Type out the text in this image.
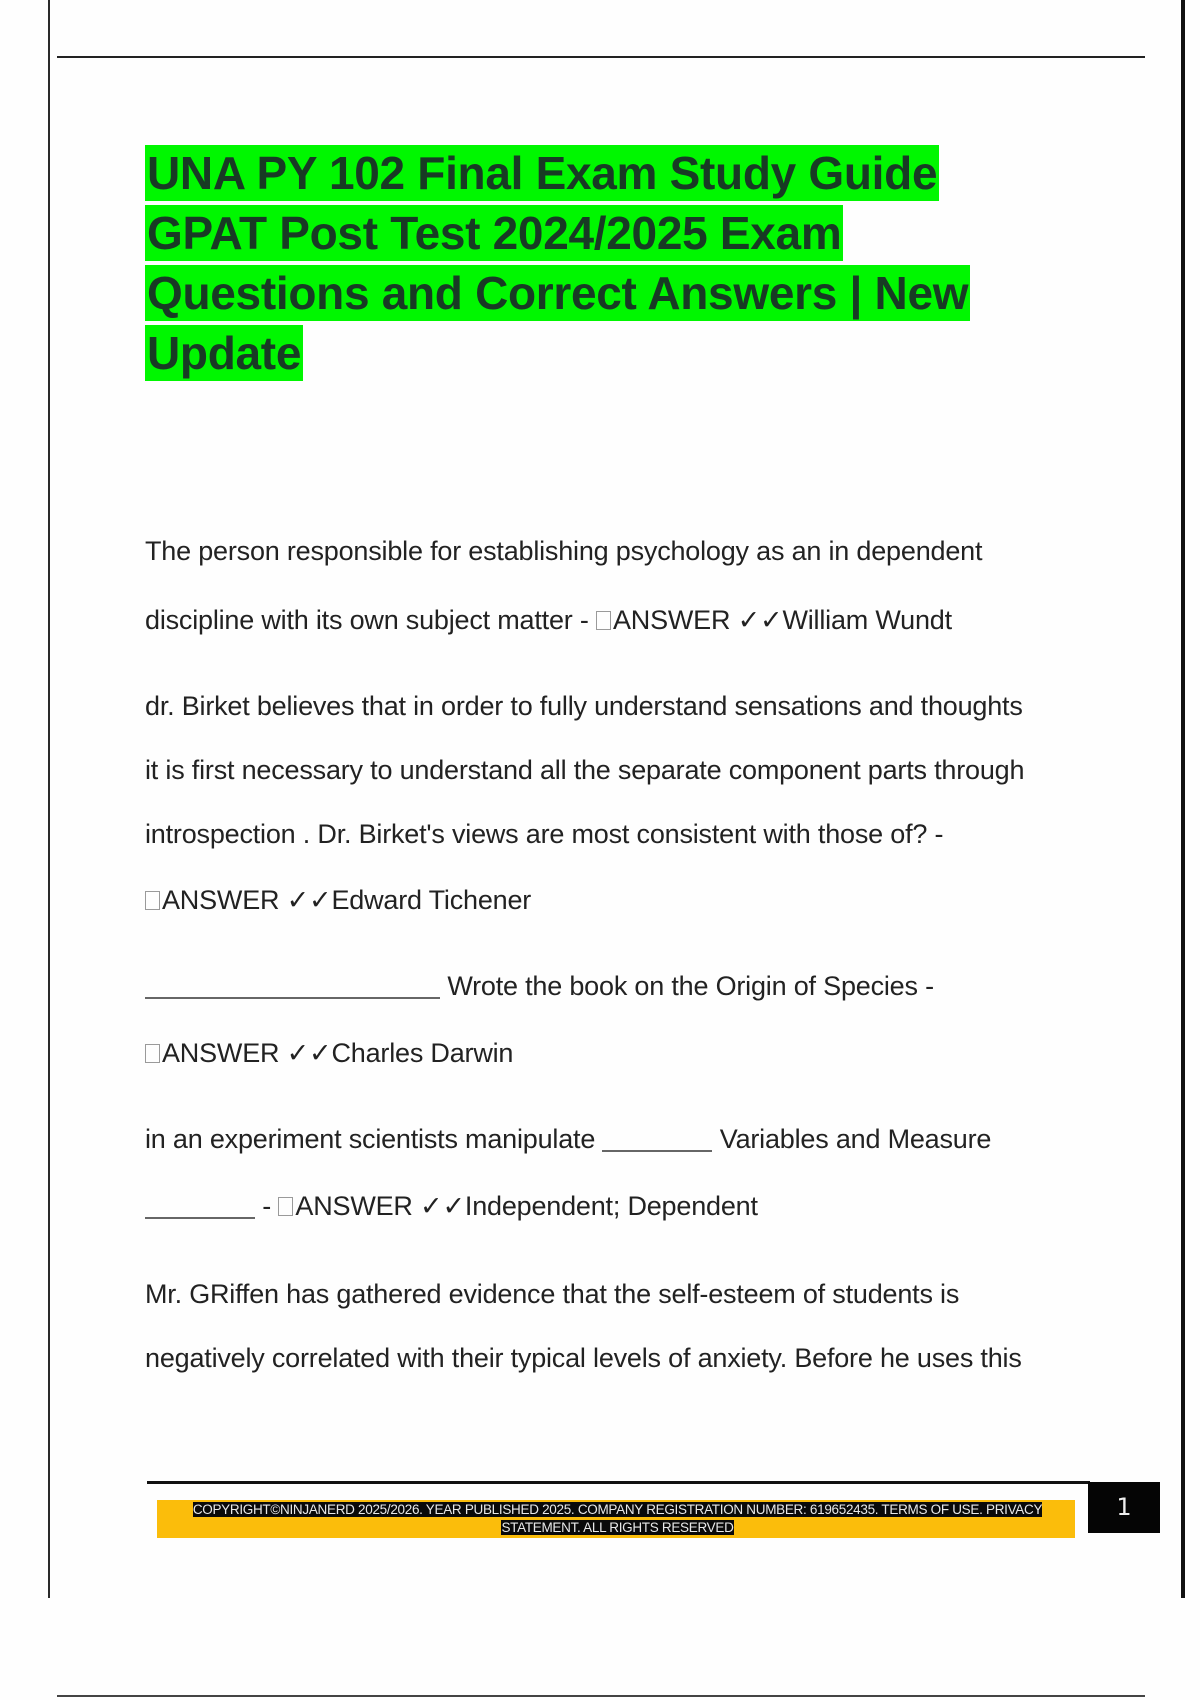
UNA PY 102 Final Exam Study Guide
GPAT Post Test 2024/2025 Exam
Questions and Correct Answers | New
Update
The person responsible for establishing psychology as an in dependent
discipline with its own subject matter - ANSWER ✓✓William Wundt
dr. Birket believes that in order to fully understand sensations and thoughts
it is first necessary to understand all the separate component parts through
introspection . Dr. Birket's views are most consistent with those of? -
ANSWER ✓✓Edward Tichener
Wrote the book on the Origin of Species -
ANSWER ✓✓Charles Darwin
in an experiment scientists manipulate	Variables and Measure
- ANSWER ✓✓Independent; Dependent
Mr. GRiffen has gathered evidence that the self-esteem of students is
negatively correlated with their typical levels of anxiety. Before he uses this
COPYRIGHT©NINJANERD 2025/2026. YEAR PUBLISHED 2025. COMPANY REGISTRATION NUMBER: 619652435. TERMS OF USE. PRIVACY
STATEMENT. ALL RIGHTS RESERVED
1
